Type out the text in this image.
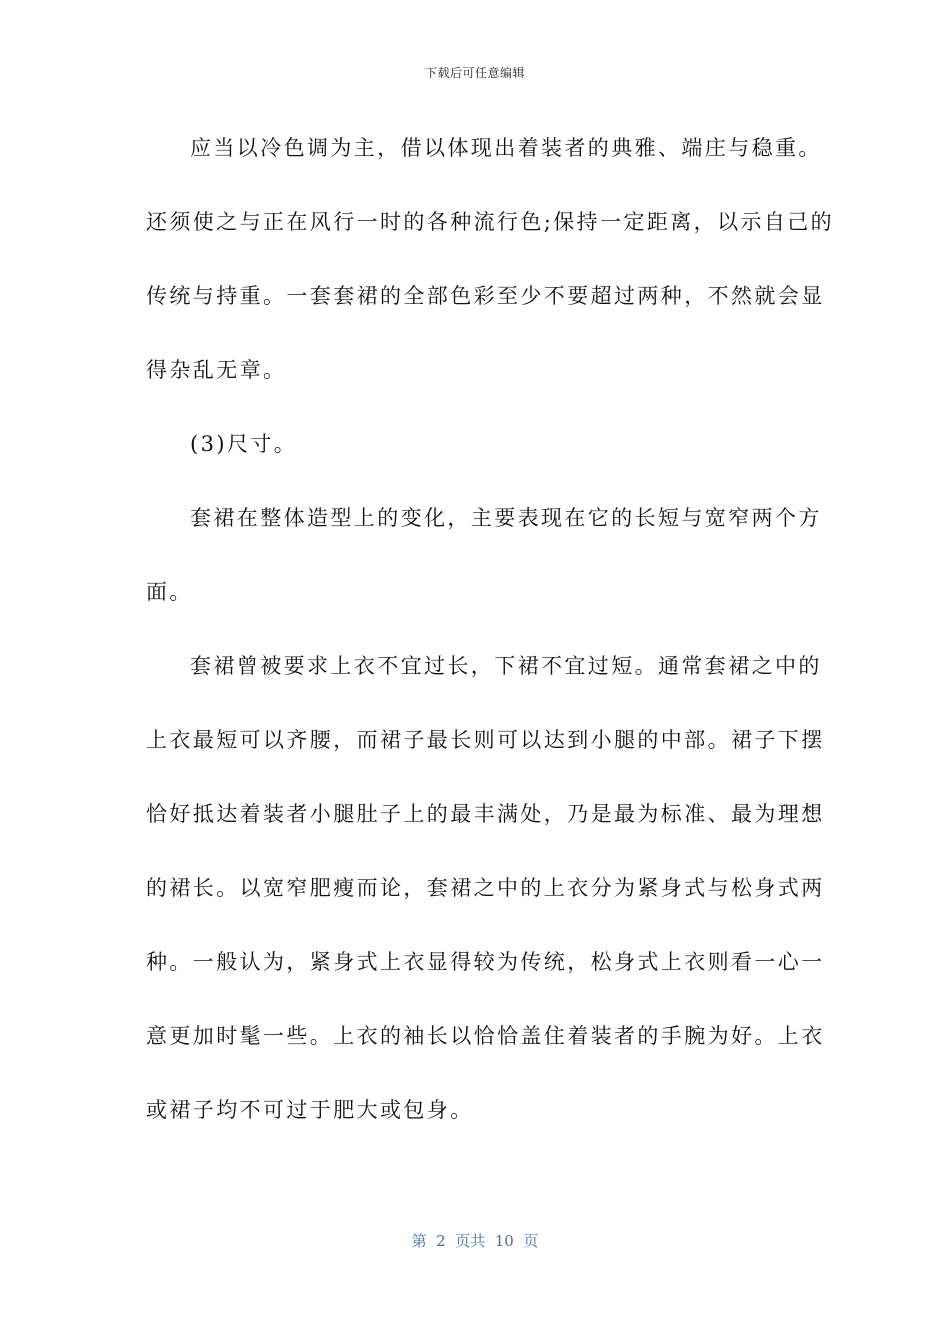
下载后可任意编辑
应当以冷色调为主，借以体现出着装者的典雅、端庄与稳重。
还须使之与正在风行一时的各种流行色;保持一定距离，以示自己的
传统与持重。一套套裙的全部色彩至少不要超过两种，不然就会显
得杂乱无章。
(3)尺寸。
套裙在整体造型上的变化，主要表现在它的长短与宽窄两个方
面。
套裙曾被要求上衣不宜过长，下裙不宜过短。通常套裙之中的
上衣最短可以齐腰，而裙子最长则可以达到小腿的中部。裙子下摆
恰好抵达着装者小腿肚子上的最丰满处，乃是最为标准、最为理想
的裙长。以宽窄肥瘦而论，套裙之中的上衣分为紧身式与松身式两
种。一般认为，紧身式上衣显得较为传统，松身式上衣则看一心一
意更加时髦一些。上衣的袖长以恰恰盖住着装者的手腕为好。上衣
或裙子均不可过于肥大或包身。
第  2  页共  10  页
